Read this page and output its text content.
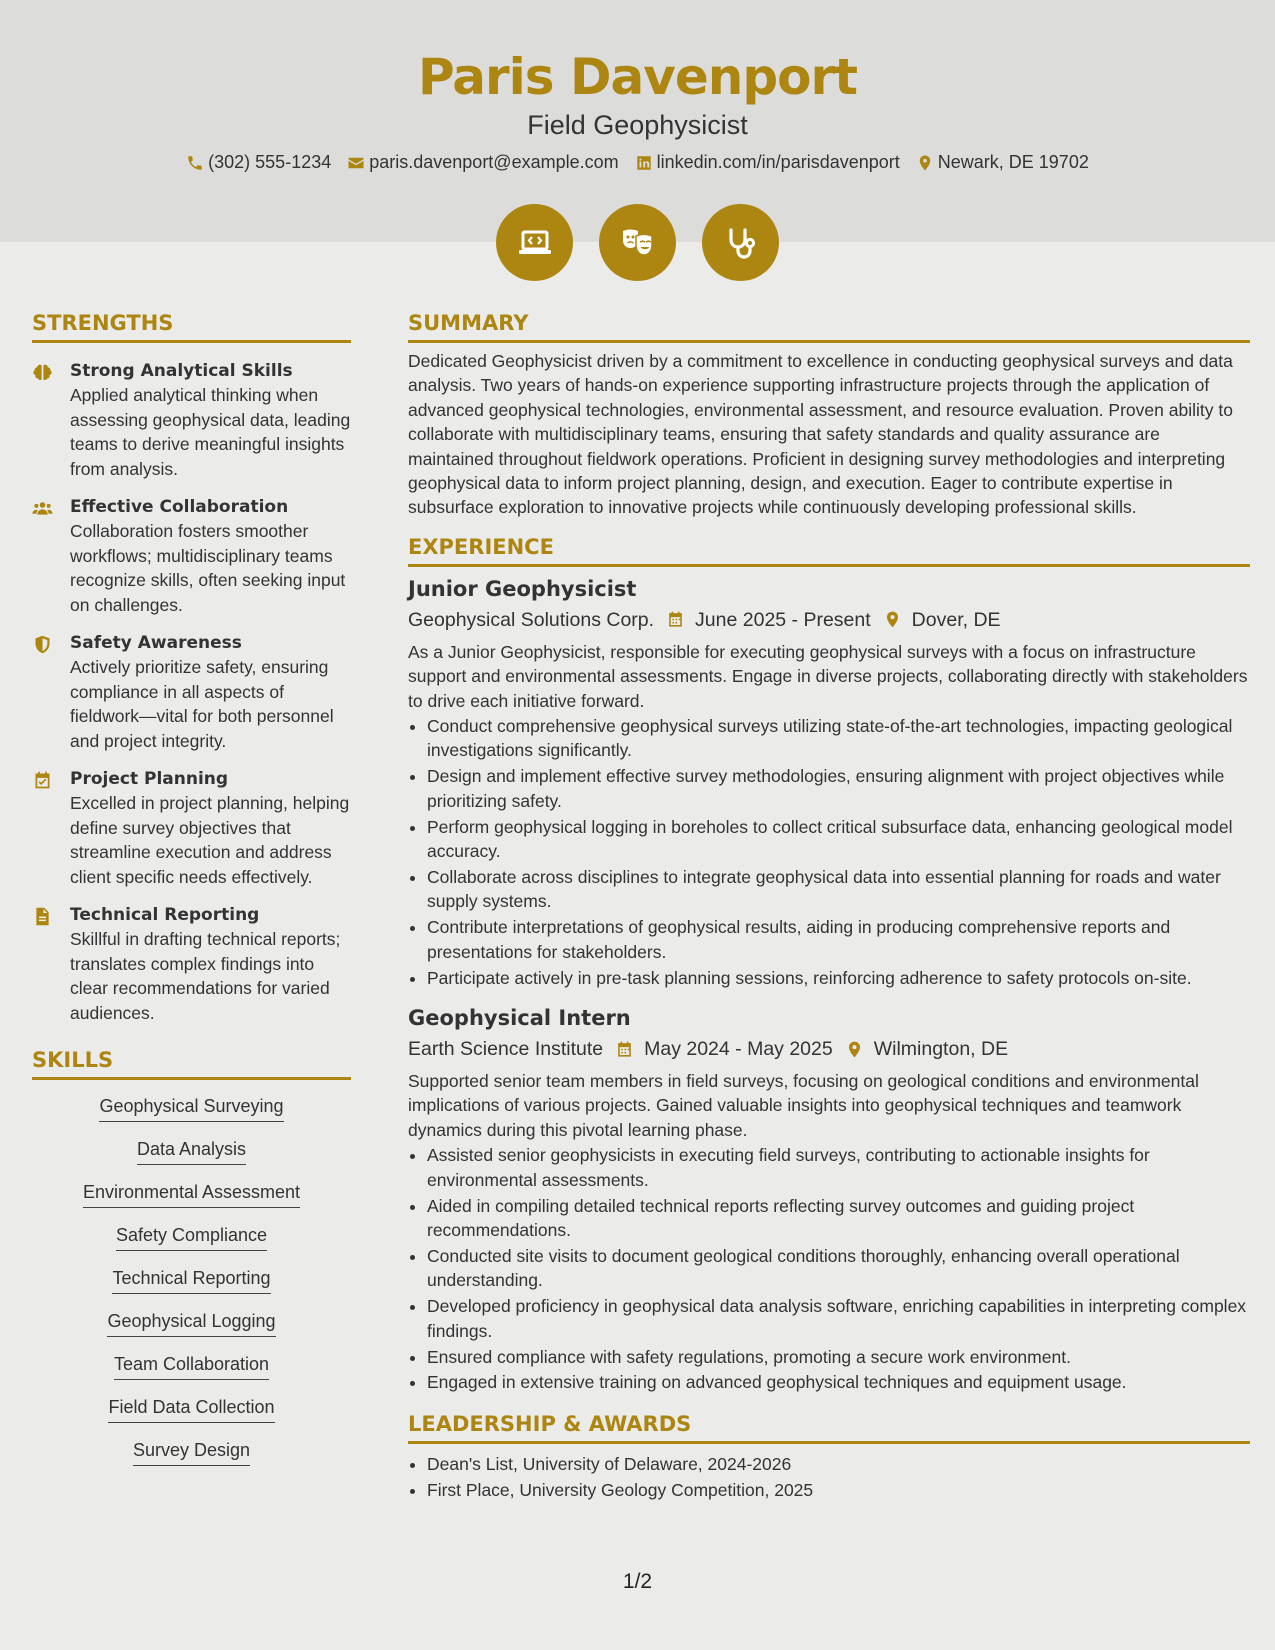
Paris Davenport
Field Geophysicist
(302) 555-1234 paris.davenport@example.com linkedin.com/in/parisdavenport Newark, DE 19702
STRENGTHS
Strong Analytical Skills
Applied analytical thinking when assessing geophysical data, leading teams to derive meaningful insights from analysis.
Effective Collaboration
Collaboration fosters smoother workflows; multidisciplinary teams recognize skills, often seeking input on challenges.
Safety Awareness
Actively prioritize safety, ensuring compliance in all aspects of fieldwork—vital for both personnel and project integrity.
Project Planning
Excelled in project planning, helping define survey objectives that streamline execution and address client specific needs effectively.
Technical Reporting
Skillful in drafting technical reports; translates complex findings into clear recommendations for varied audiences.
SKILLS
Geophysical Surveying
Data Analysis
Environmental Assessment
Safety Compliance
Technical Reporting
Geophysical Logging
Team Collaboration
Field Data Collection
Survey Design
SUMMARY
Dedicated Geophysicist driven by a commitment to excellence in conducting geophysical surveys and data analysis. Two years of hands-on experience supporting infrastructure projects through the application of advanced geophysical technologies, environmental assessment, and resource evaluation. Proven ability to collaborate with multidisciplinary teams, ensuring that safety standards and quality assurance are maintained throughout fieldwork operations. Proficient in designing survey methodologies and interpreting geophysical data to inform project planning, design, and execution. Eager to contribute expertise in subsurface exploration to innovative projects while continuously developing professional skills.
EXPERIENCE
Junior Geophysicist
Geophysical Solutions Corp. June 2025 - Present Dover, DE
As a Junior Geophysicist, responsible for executing geophysical surveys with a focus on infrastructure support and environmental assessments. Engage in diverse projects, collaborating directly with stakeholders to drive each initiative forward.
• Conduct comprehensive geophysical surveys utilizing state-of-the-art technologies, impacting geological investigations significantly.
• Design and implement effective survey methodologies, ensuring alignment with project objectives while prioritizing safety.
• Perform geophysical logging in boreholes to collect critical subsurface data, enhancing geological model accuracy.
• Collaborate across disciplines to integrate geophysical data into essential planning for roads and water supply systems.
• Contribute interpretations of geophysical results, aiding in producing comprehensive reports and presentations for stakeholders.
• Participate actively in pre-task planning sessions, reinforcing adherence to safety protocols on-site.
Geophysical Intern
Earth Science Institute May 2024 - May 2025 Wilmington, DE
Supported senior team members in field surveys, focusing on geological conditions and environmental implications of various projects. Gained valuable insights into geophysical techniques and teamwork dynamics during this pivotal learning phase.
• Assisted senior geophysicists in executing field surveys, contributing to actionable insights for environmental assessments.
• Aided in compiling detailed technical reports reflecting survey outcomes and guiding project recommendations.
• Conducted site visits to document geological conditions thoroughly, enhancing overall operational understanding.
• Developed proficiency in geophysical data analysis software, enriching capabilities in interpreting complex findings.
• Ensured compliance with safety regulations, promoting a secure work environment.
• Engaged in extensive training on advanced geophysical techniques and equipment usage.
LEADERSHIP & AWARDS
• Dean's List, University of Delaware, 2024-2026
• First Place, University Geology Competition, 2025
1/2
